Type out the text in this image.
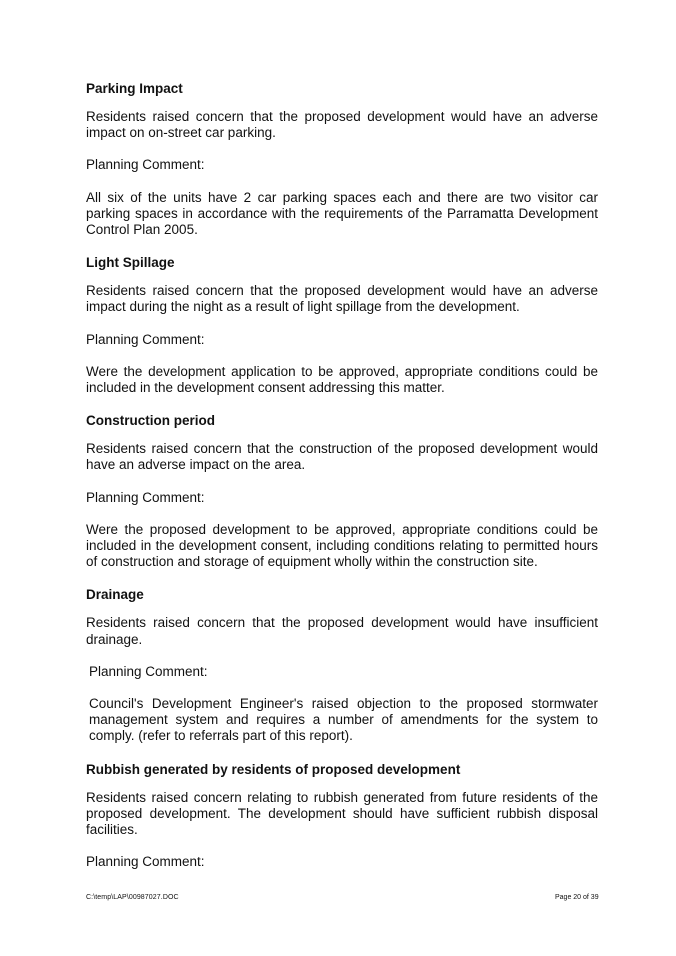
Parking Impact
Residents raised concern that the proposed development would have an adverse impact on on-street car parking.
Planning Comment:
All six of the units have 2 car parking spaces each and there are two visitor car parking spaces in accordance with the requirements of the Parramatta Development Control Plan 2005.
Light Spillage
Residents raised concern that the proposed development would have an adverse impact during the night as a result of light spillage from the development.
Planning Comment:
Were the development application to be approved, appropriate conditions could be included in the development consent addressing this matter.
Construction period
Residents raised concern that the construction of the proposed development would have an adverse impact on the area.
Planning Comment:
Were the proposed development to be approved, appropriate conditions could be included in the development consent, including conditions relating to permitted hours of construction and storage of equipment wholly within the construction site.
Drainage
Residents raised concern that the proposed development would have insufficient drainage.
Planning Comment:
Council's Development Engineer's raised objection to the proposed stormwater management system and requires a number of amendments for the system to comply. (refer to referrals part of this report).
Rubbish generated by residents of proposed development
Residents raised concern relating to rubbish generated from future residents of the proposed development. The development should have sufficient rubbish disposal facilities.
Planning Comment:
C:\temp\LAP\00987027.DOC	Page 20 of 39
